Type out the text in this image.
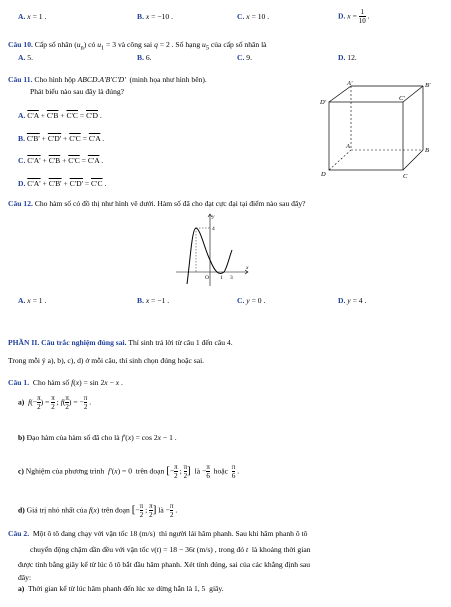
A. x = 1 .	B. x = −10 .	C. x = 10 .	D. $x = \frac{1}{10}$ .
Câu 10. Cấp số nhân $(u_n)$ có $u_1 = 3$ và công sai q = 2 . Số hạng $u_5$ của cấp số nhân là
A. 5.	B. 6.	C. 9.	D. 12.
Câu 11. Cho hình hộp ABCD.A'B'C'D'  (minh họa như hình bên).
Phát biểu nào sau đây là đúng?
A. C'A + C'B + C'C = C'D .
B. C'B' + C'D' + C'C = C'A .
C. C'A' + C'B + C'C = C'A .
D. C'A' + C'B' + C'D' = C'C .
A'	B'
D'
C'
A
B
D	C
Câu 12. Cho hàm số có đồ thị như hình vẽ dưới. Hàm số đã cho đạt cực đại tại điểm nào sau đây?
y
x
O
4
1 3
A. x = 1 .	B. x = −1 .	C. y = 0 .	D. y = 4 .
PHẦN II. Câu trắc nghiệm đúng sai. Thí sinh trả lời từ câu 1 đến câu 4.
Trong mỗi ý a), b), c), d) ở mỗi câu, thí sinh chọn đúng hoặc sai.
Câu 1.  Cho hàm số f(x) = sin 2x − x .
a) $f(- \frac{\pi}{2}$ ) = $\frac{\pi}{2}$ ; $f( \frac{\pi}{2}$ ) = − $\frac{\pi}{2}$ .
b) Đạo hàm của hàm số đã cho là f'(x) = cos 2x − 1 .
c) Nghiệm của phương trình  f'(x) = 0  trên đoạn [− $\frac{\pi}{2}$ ; $\frac{\pi}{2}$ ]  là − $\frac{\pi}{6}$ hoặc $\frac{\pi}{6}$ .
d) Giá trị nhỏ nhất của f(x) trên đoạn [− $\frac{\pi}{2}$ ; $\frac{\pi}{2}$ ] là − $\frac{\pi}{2}$ .
Câu 2.  Một ô tô đang chạy với vận tốc 18 (m/s)  thì người lái hãm phanh. Sau khi hãm phanh ô tô
chuyển động chậm dần đều với vận tốc v(t) = 18 − 36t (m/s) , trong đó t  là khoảng thời gian
được tính bằng giây kể từ lúc ô tô bắt đầu hãm phanh. Xét tính đúng, sai của các khẳng định sau
đây:
a)  Thời gian kể từ lúc hãm phanh đến lúc xe dừng hẳn là 1, 5  giây.
